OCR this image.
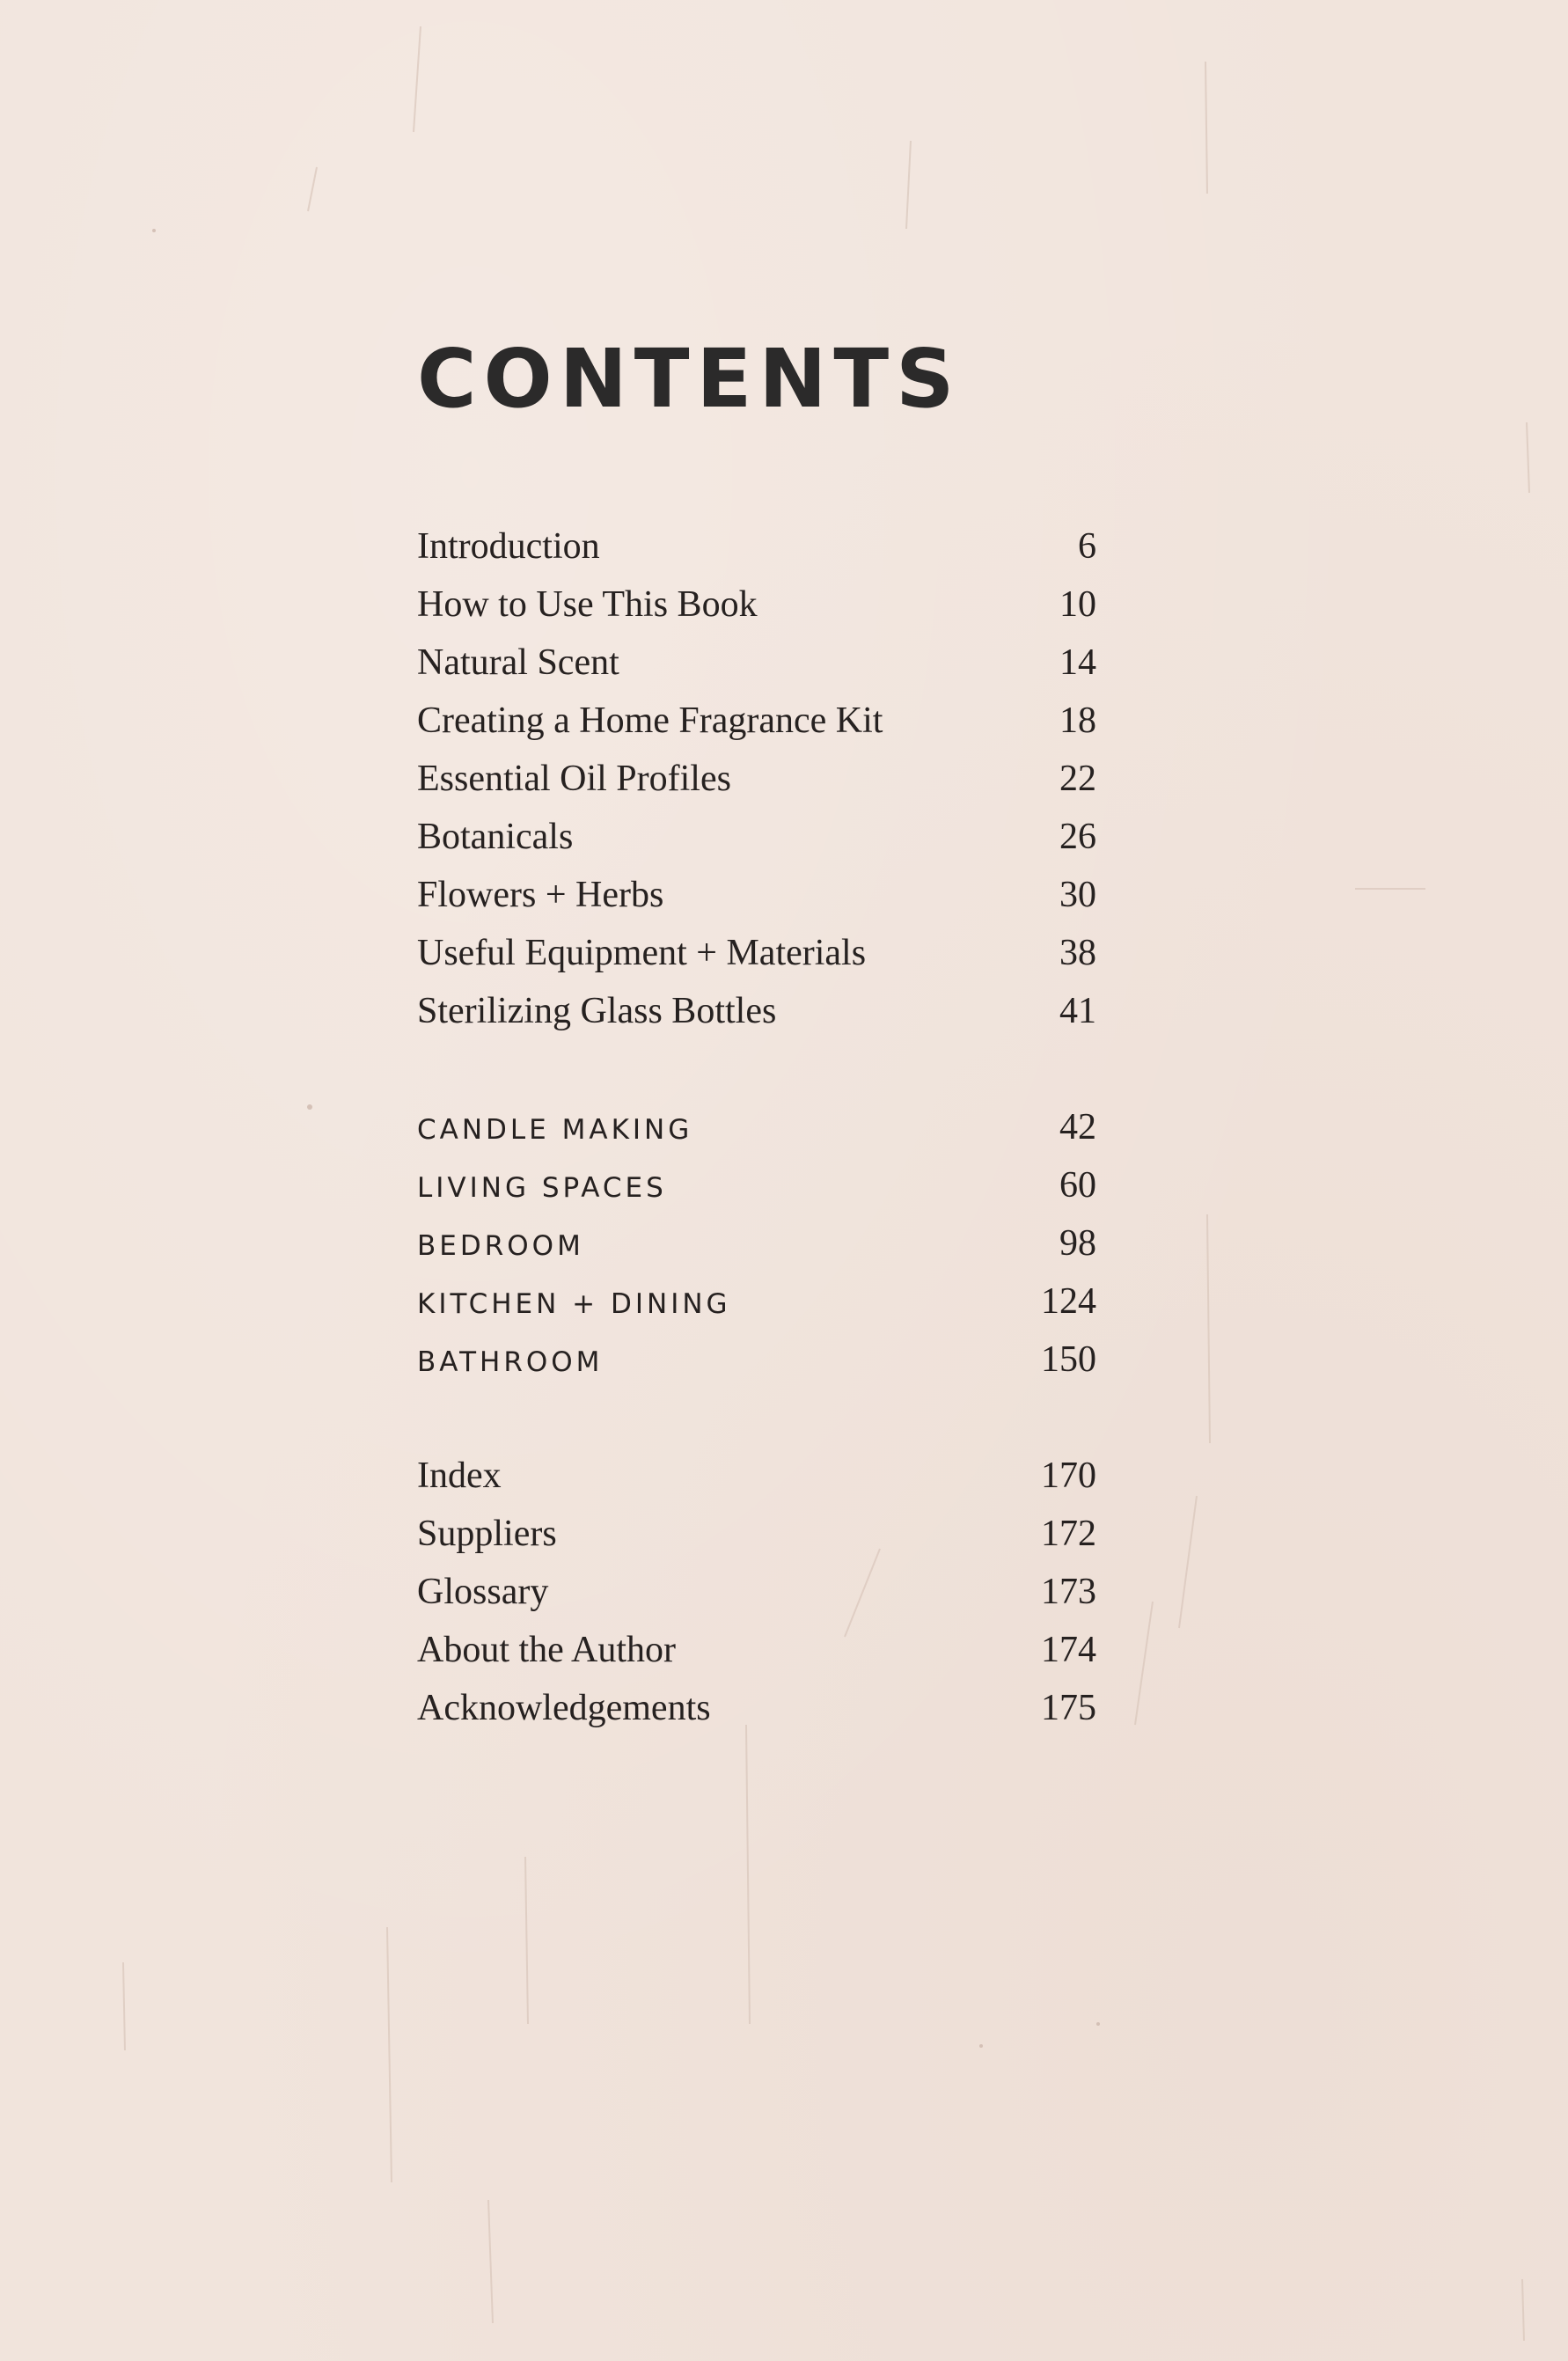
CONTENTS
Introduction	6
How to Use This Book	10
Natural Scent	14
Creating a Home Fragrance Kit	18
Essential Oil Profiles	22
Botanicals	26
Flowers + Herbs	30
Useful Equipment + Materials	38
Sterilizing Glass Bottles	41
CANDLE MAKING	42
LIVING SPACES	60
BEDROOM	98
KITCHEN + DINING	124
BATHROOM	150
Index	170
Suppliers	172
Glossary	173
About the Author	174
Acknowledgements	175
